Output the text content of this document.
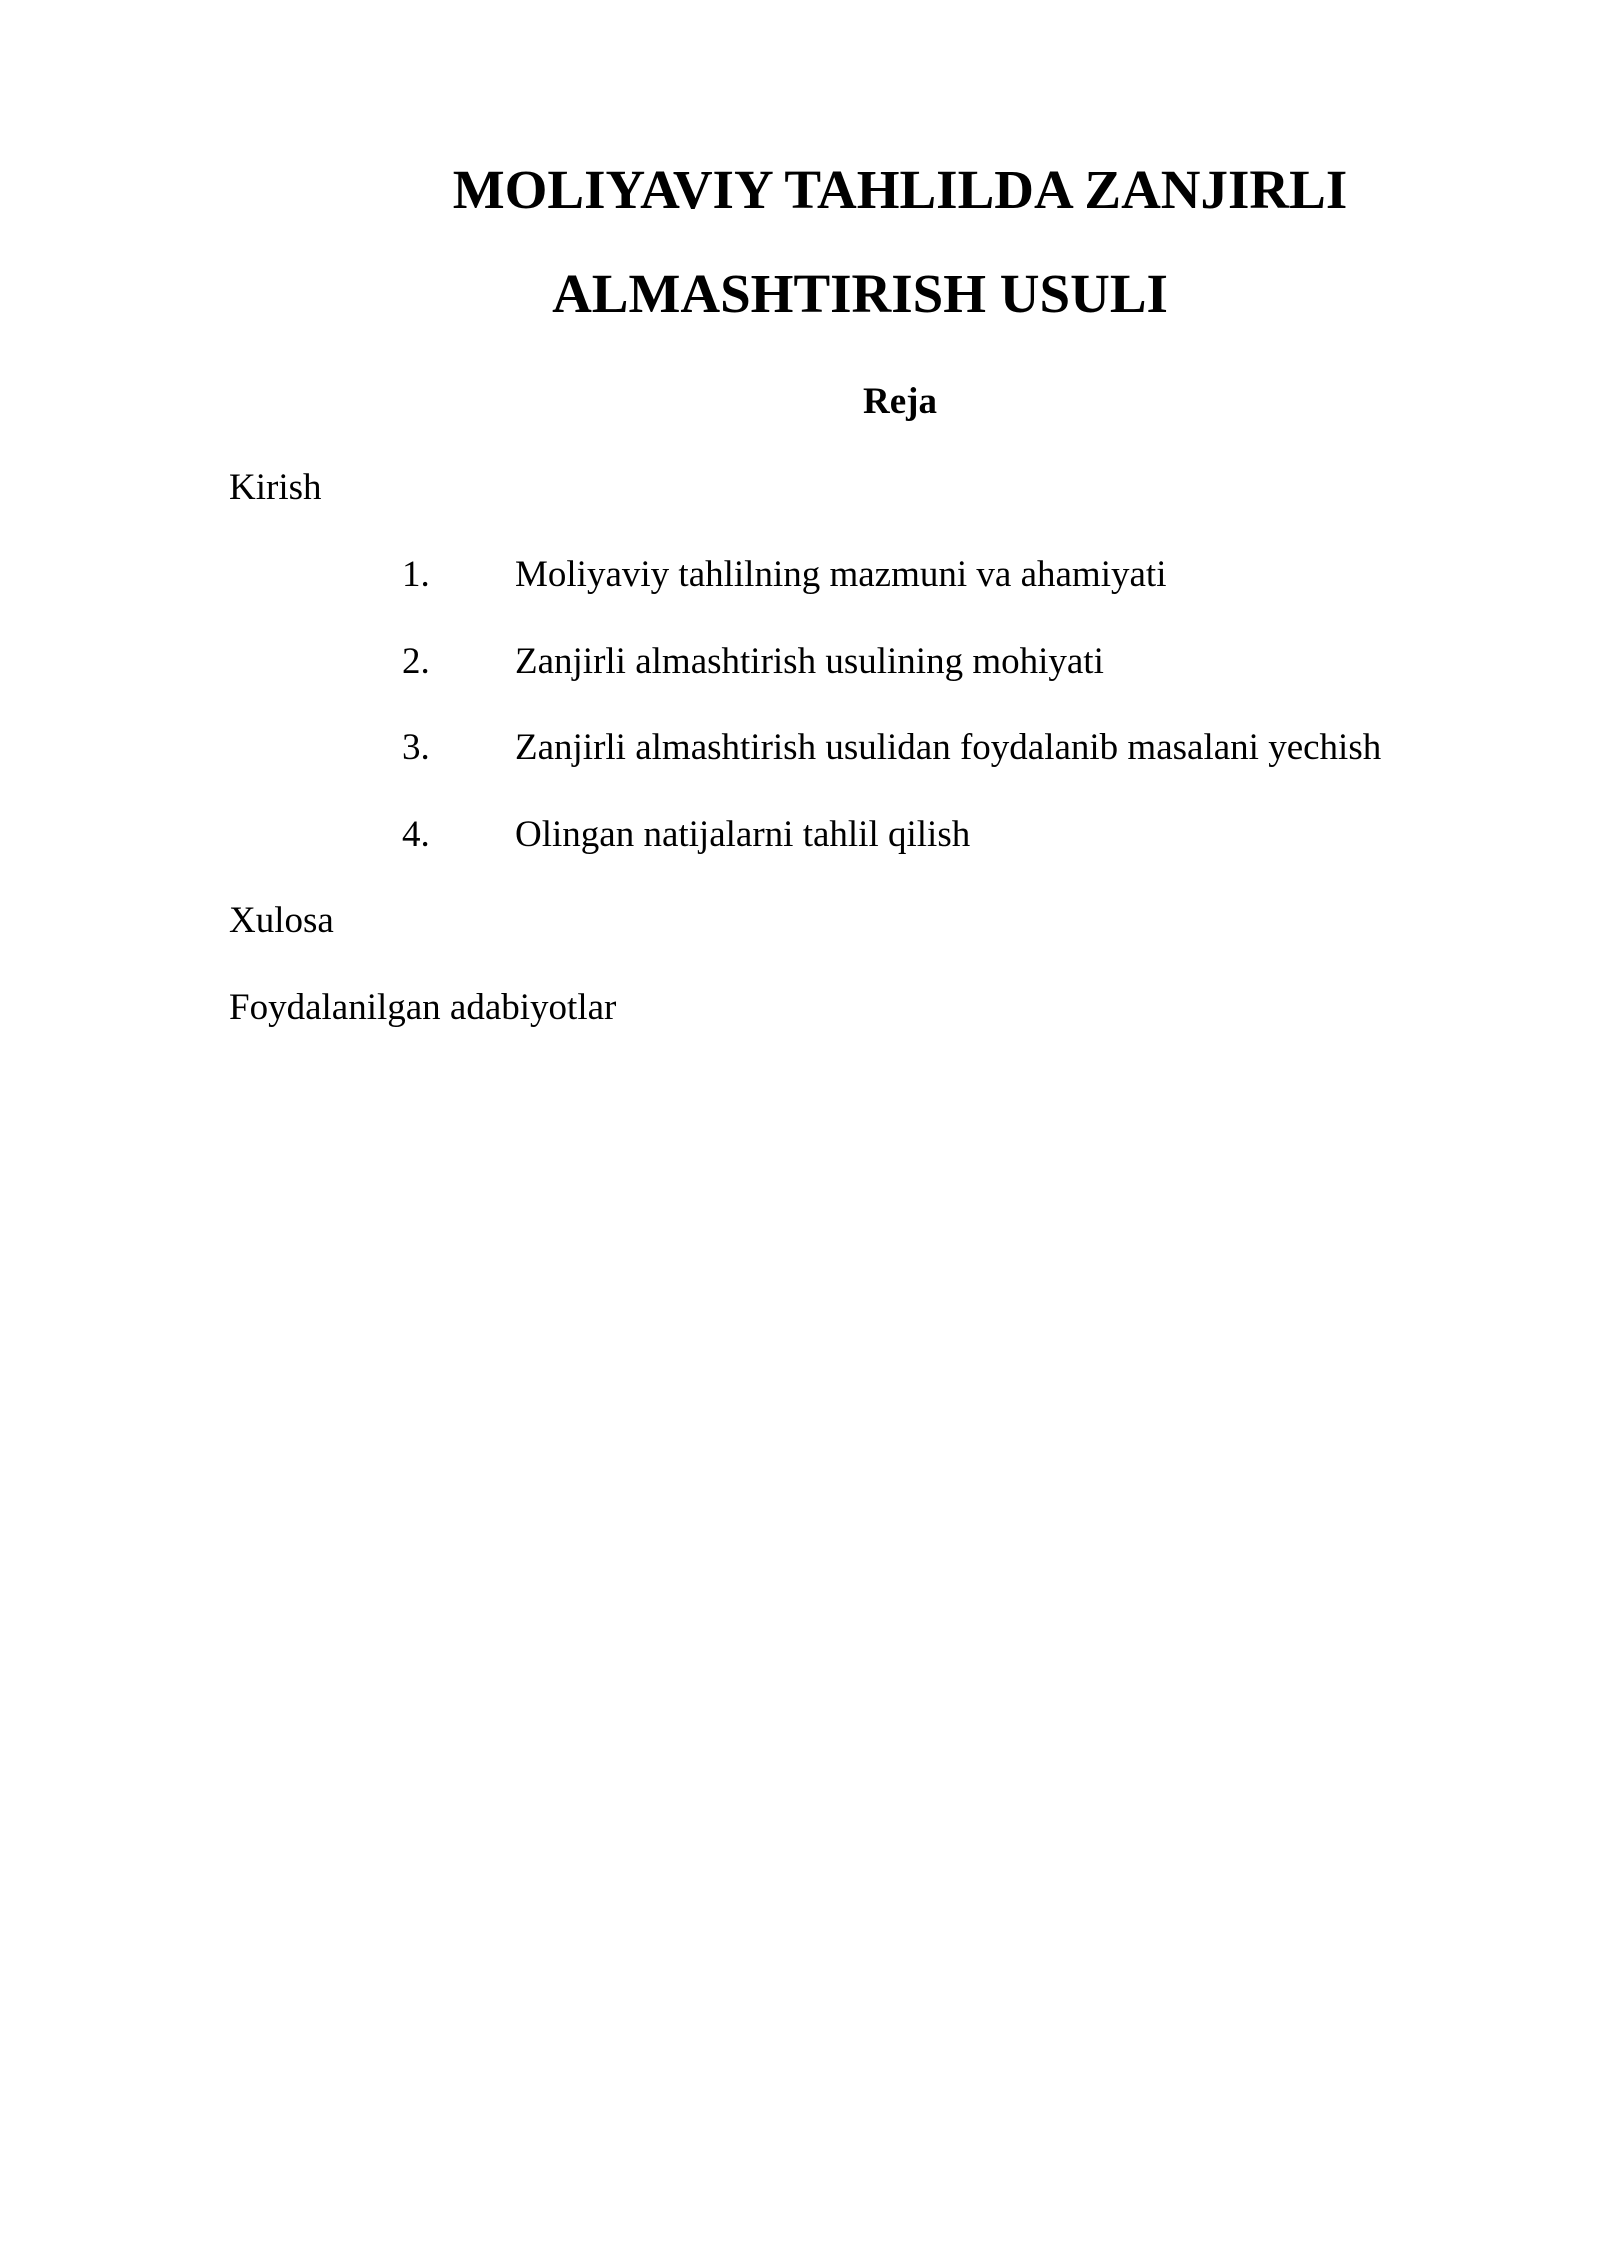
MOLIYAVIY TAHLILDA ZANJIRLI
ALMASHTIRISH USULI
Reja
Kirish
1. Moliyaviy tahlilning mazmuni va ahamiyati
2. Zanjirli almashtirish usulining mohiyati
3. Zanjirli almashtirish usulidan foydalanib masalani yechish
4. Olingan natijalarni tahlil qilish
Xulosa
Foydalanilgan adabiyotlar
